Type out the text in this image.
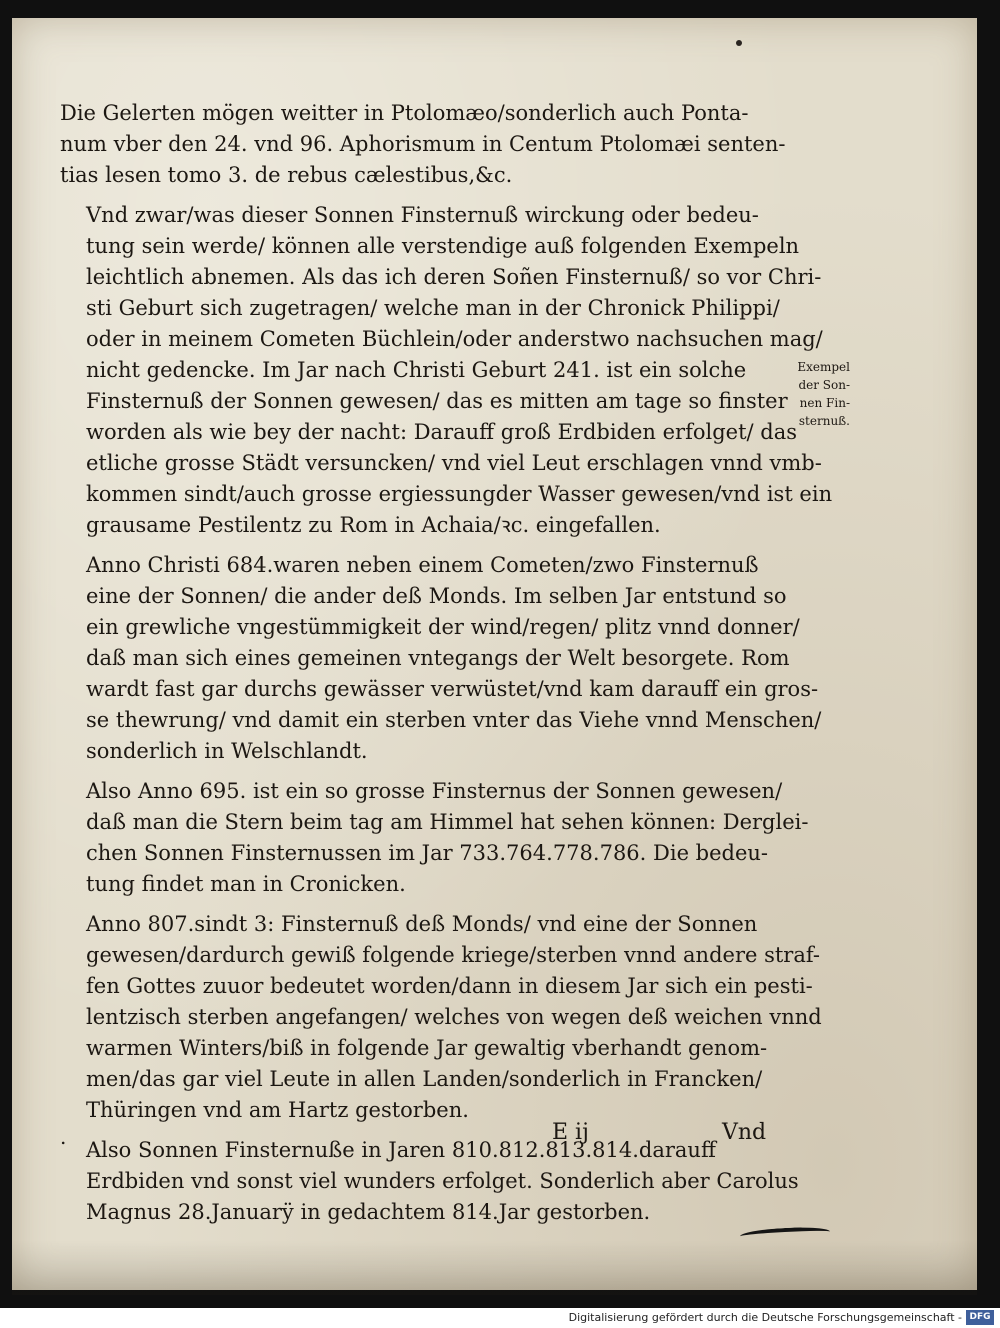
Die Gelerten mögen weitter in Ptolomæo/sonderlich auch Ponta-
num vber den 24. vnd 96. Aphorismum in Centum Ptolomæi senten-
tias lesen tomo 3. de rebus cælestibus,&c.

Vnd zwar/was dieser Sonnen Finsternuß wirckung oder bedeu-
tung sein werde/ können alle verstendige auß folgenden Exempeln
leichtlich abnemen. Als das ich deren Soñen Finsternuß/ so vor Chri-
sti Geburt sich zugetragen/ welche man in der Chronick Philippi/
oder in meinem Cometen Büchlein/oder anderstwo nachsuchen mag/
nicht gedencke. Im Jar nach Christi Geburt 241. ist ein solche
Finsternuß der Sonnen gewesen/ das es mitten am tage so finster
worden als wie bey der nacht: Darauff groß Erdbiden erfolget/ das
etliche grosse Städt versuncken/ vnd viel Leut erschlagen vnnd vmb-
kommen sindt/auch grosse ergiessungder Wasser gewesen/vnd ist ein
grausame Pestilentz zu Rom in Achaia/ꝛc. eingefallen.

Anno Christi 684.waren neben einem Cometen/zwo Finsternuß
eine der Sonnen/ die ander deß Monds. Im selben Jar entstund so
ein grewliche vngestümmigkeit der wind/regen/ plitz vnnd donner/
daß man sich eines gemeinen vntegangs der Welt besorgete. Rom
wardt fast gar durchs gewässer verwüstet/vnd kam darauff ein gros-
se thewrung/ vnd damit ein sterben vnter das Viehe vnnd Menschen/
sonderlich in Welschlandt.

Also Anno 695. ist ein so grosse Finsternus der Sonnen gewesen/
daß man die Stern beim tag am Himmel hat sehen können: Derglei-
chen Sonnen Finsternussen im Jar 733.764.778.786. Die bedeu-
tung findet man in Cronicken.

Anno 807.sindt 3: Finsternuß deß Monds/ vnd eine der Sonnen
gewesen/dardurch gewiß folgende kriege/sterben vnnd andere straf-
fen Gottes zuuor bedeutet worden/dann in diesem Jar sich ein pesti-
lentzisch sterben angefangen/ welches von wegen deß weichen vnnd
warmen Winters/biß in folgende Jar gewaltig vberhandt genom-
men/das gar viel Leute in allen Landen/sonderlich in Francken/
Thüringen vnd am Hartz gestorben.

Also Sonnen Finsternuße in Jaren 810.812.813.814.darauff
Erdbiden vnd sonst viel wunders erfolget. Sonderlich aber Carolus
Magnus 28.Januarÿ in gedachtem 814.Jar gestorben.

Exempel
der Son-
nen Fin-
sternuß.
.	E ij	Vnd
Digitalisierung gefördert durch die Deutsche Forschungsgemeinschaft - DFG
